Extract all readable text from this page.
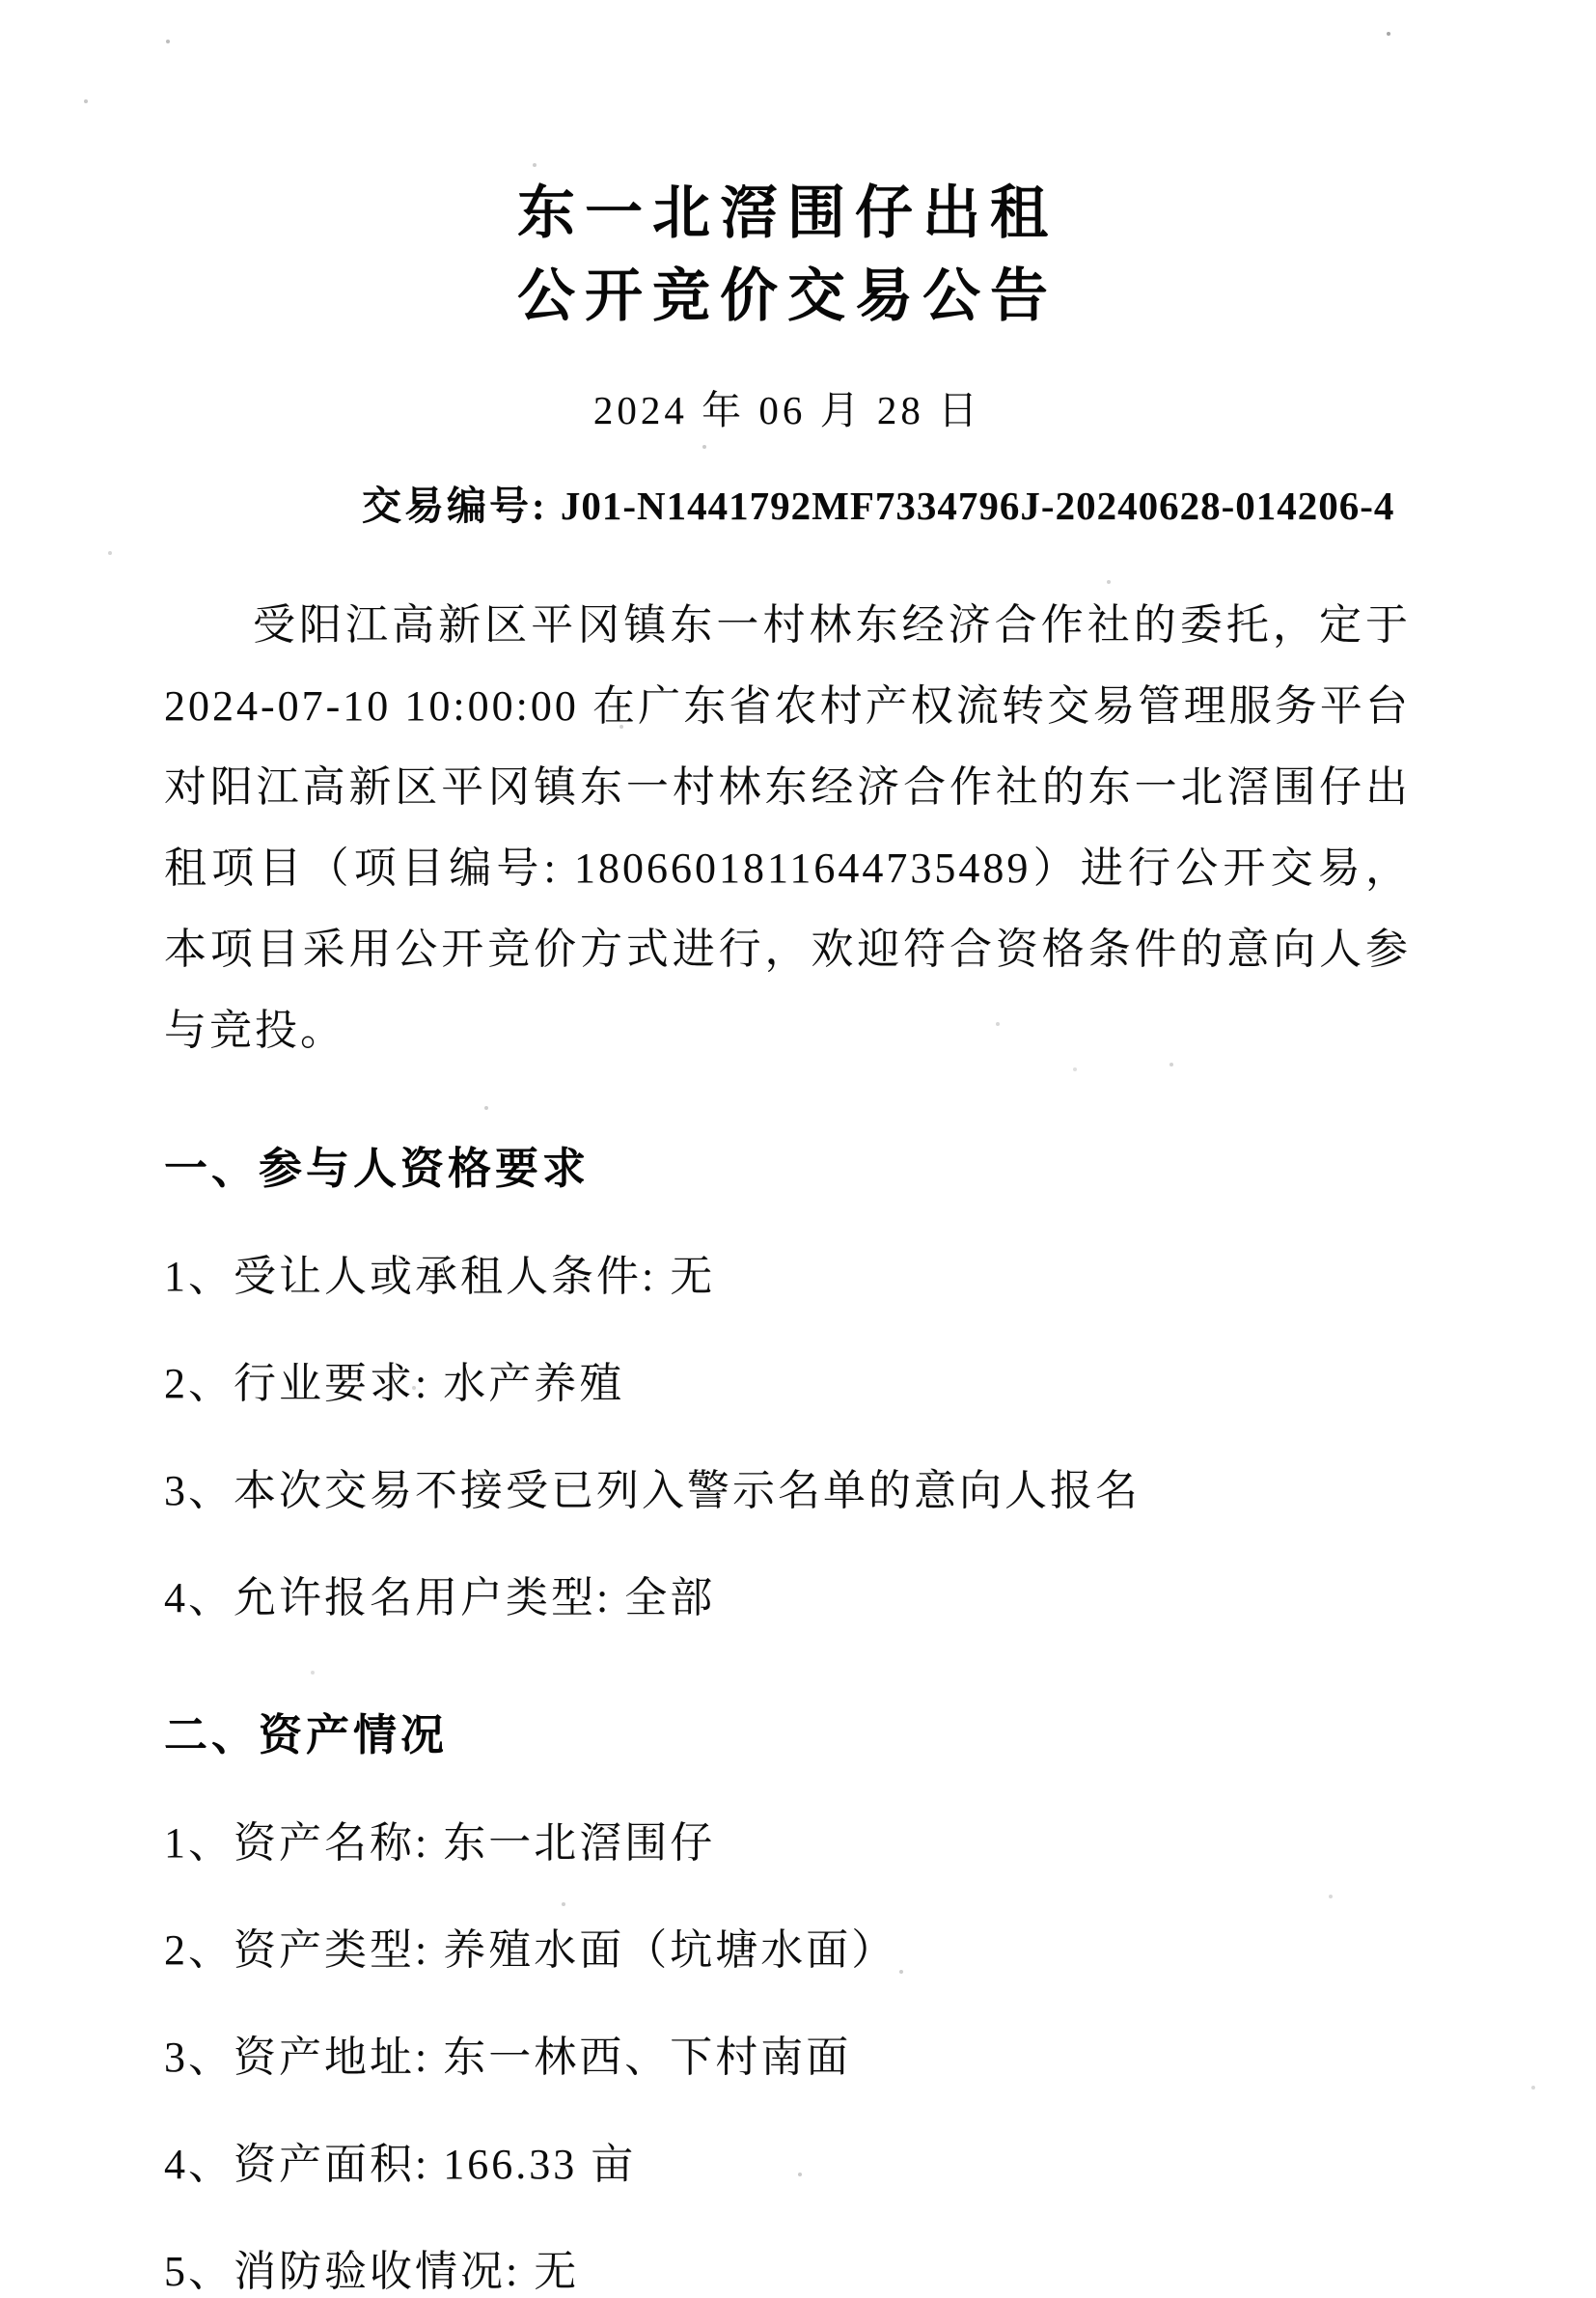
东一北滘围仔出租
公开竞价交易公告
2024 年 06 月 28 日
交易编号: J01-N1441792MF7334796J-20240628-014206-4
受阳江高新区平冈镇东一村林东经济合作社的委托，定于 2024-07-10 10:00:00 在广东省农村产权流转交易管理服务平台对阳江高新区平冈镇东一村林东经济合作社的东一北滘围仔出租项目（项目编号: 1806601811644735489）进行公开交易，本项目采用公开竞价方式进行，欢迎符合资格条件的意向人参与竞投。
一、参与人资格要求
1、受让人或承租人条件: 无
2、行业要求: 水产养殖
3、本次交易不接受已列入警示名单的意向人报名
4、允许报名用户类型: 全部
二、资产情况
1、资产名称: 东一北滘围仔
2、资产类型: 养殖水面（坑塘水面）
3、资产地址: 东一林西、下村南面
4、资产面积: 166.33 亩
5、消防验收情况: 无
